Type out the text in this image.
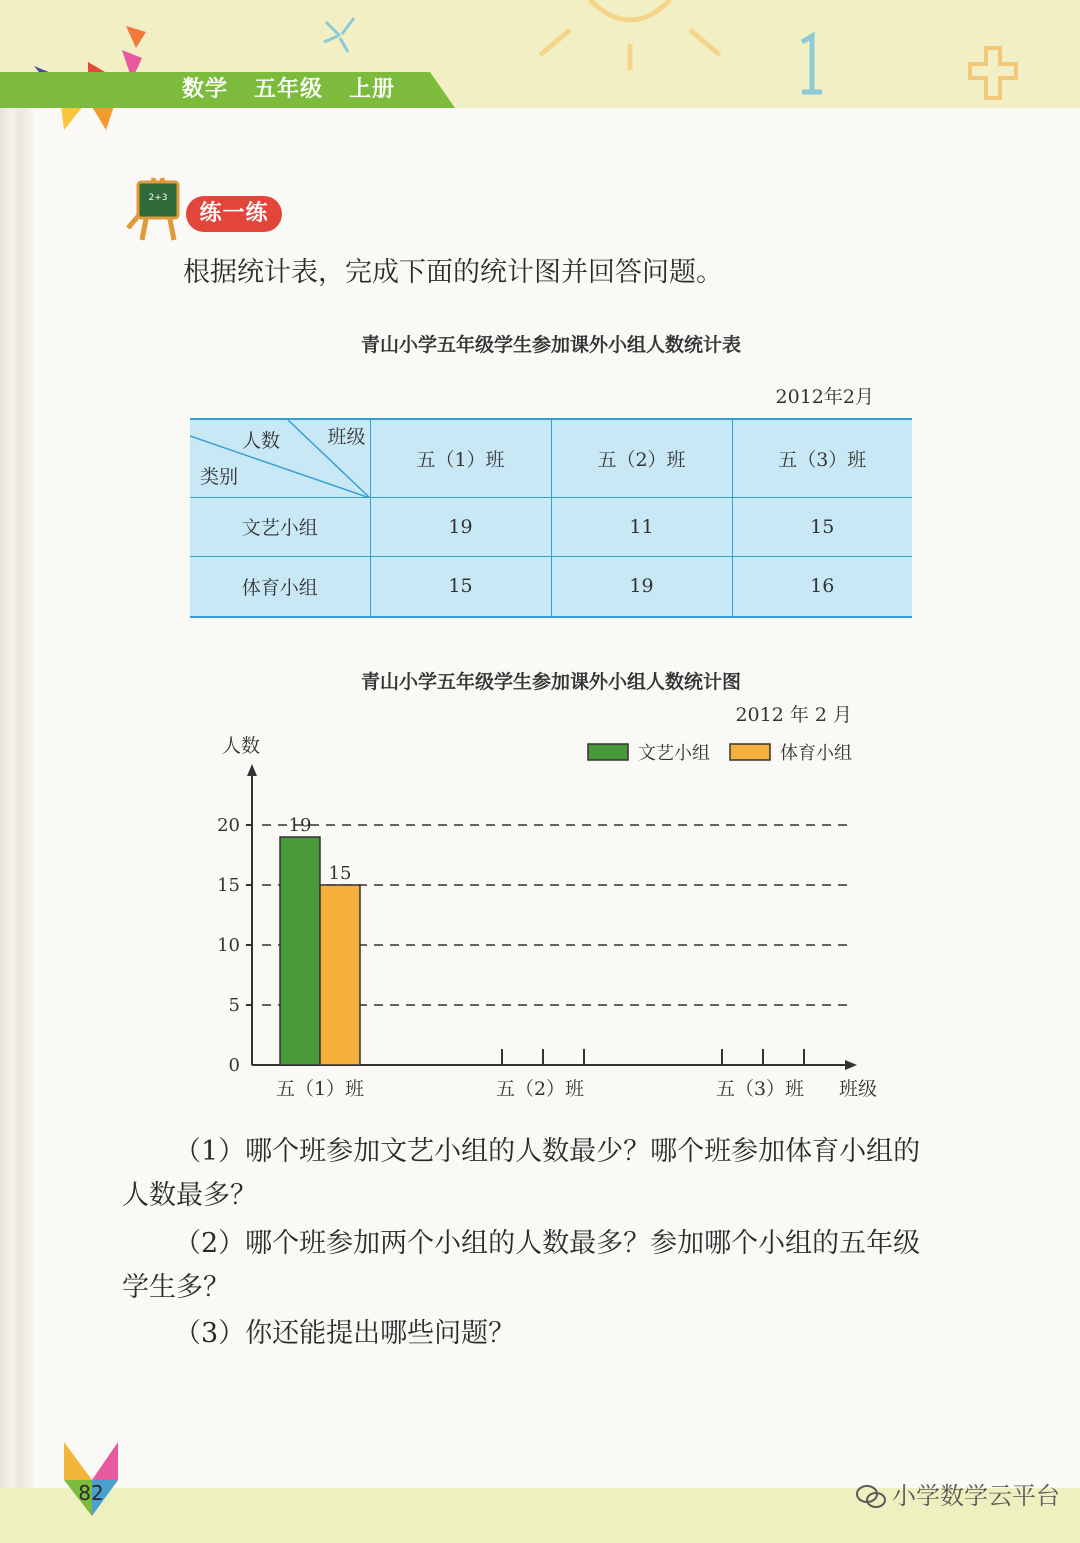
数学 五年级 上册
2+3
练一练
根据统计表，完成下面的统计图并回答问题。
青山小学五年级学生参加课外小组人数统计表
2012年2月
人数 班级
类别	五（1）班	五（2）班	五（3）班
文艺小组	19	11	15
体育小组	15	19	16
青山小学五年级学生参加课外小组人数统计图
2012 年 2 月
人数
0
5
10
15
20
五（1）班	五（2）班	五（3）班
19
15
班级
文艺小组	体育小组
（1）哪个班参加文艺小组的人数最少？哪个班参加体育小组的
人数最多？
（2）哪个班参加两个小组的人数最多？参加哪个小组的五年级
学生多？
（3）你还能提出哪些问题？
82	小学数学云平台
